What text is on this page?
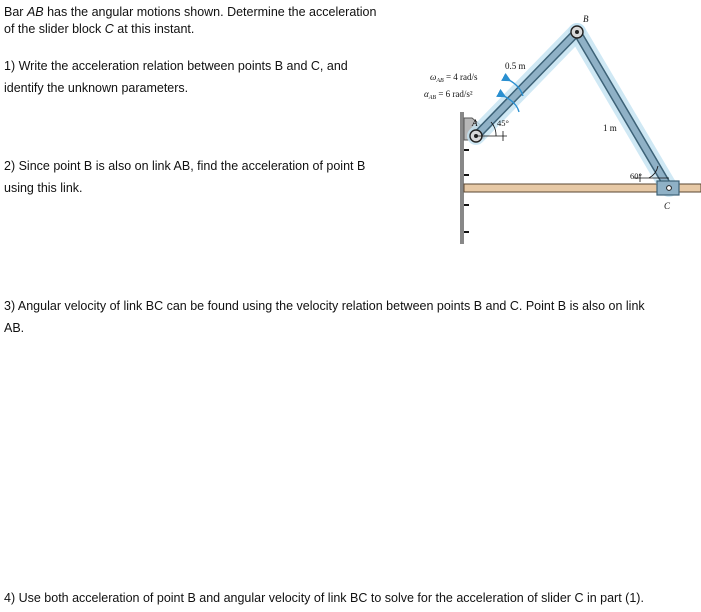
Bar AB has the angular motions shown. Determine the acceleration
of the slider block C at this instant.
1) Write the acceleration relation between points B and C, and
identify the unknown parameters.
2) Since point B is also on link AB, find the acceleration of point B
using this link.
3) Angular velocity of link BC can be found using the velocity relation between points B and C. Point B is also on link
AB.
4) Use both acceleration of point B and angular velocity of link BC to solve for the acceleration of slider C in part (1).
B
A
C
0.5 m
1 m
45°
60°
$\omega_{AB} = 4$ rad/s
$\alpha_{AB} = 6$ rad/s²
